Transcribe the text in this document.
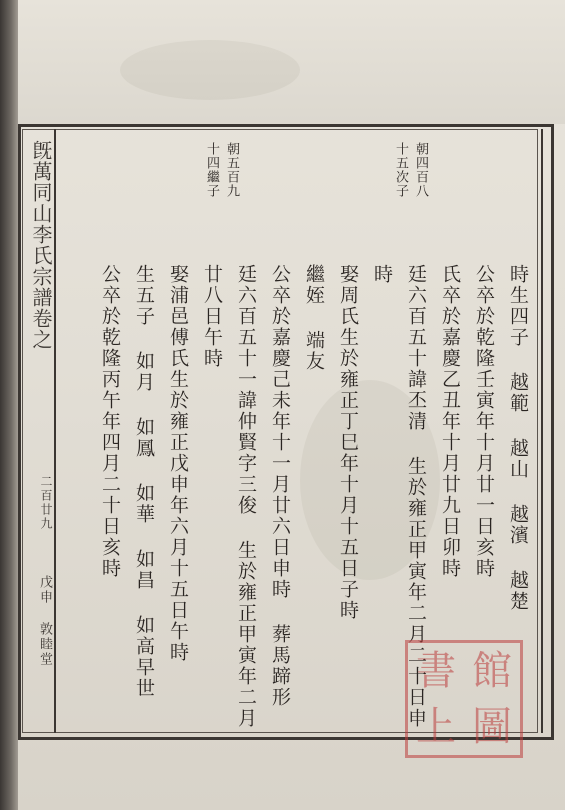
旣萬同山李氏宗譜卷之
二百廿九
戊申 敦睦堂
朝四百八
十五次子
時生四子 越範 越山 越濱 越楚
公卒於乾隆壬寅年十月廿一日亥時
氏卒於嘉慶乙丑年十月廿九日卯時
廷六百五十諱丕清 生於雍正甲寅年二月二十日申
時
朝五百九
十四繼子
娶周氏生於雍正丁巳年十月十五日子時
繼姪 端友
公卒於嘉慶己未年十一月廿六日申時 葬馬蹄形
廷六百五十一諱仲賢字三俊 生於雍正甲寅年二月
廿八日午時
娶浦邑傅氏生於雍正戊申年六月十五日午時
生五子 如月 如鳳 如華 如昌 如高早世
公卒於乾隆丙午年四月二十日亥時
書 館
上 圖
